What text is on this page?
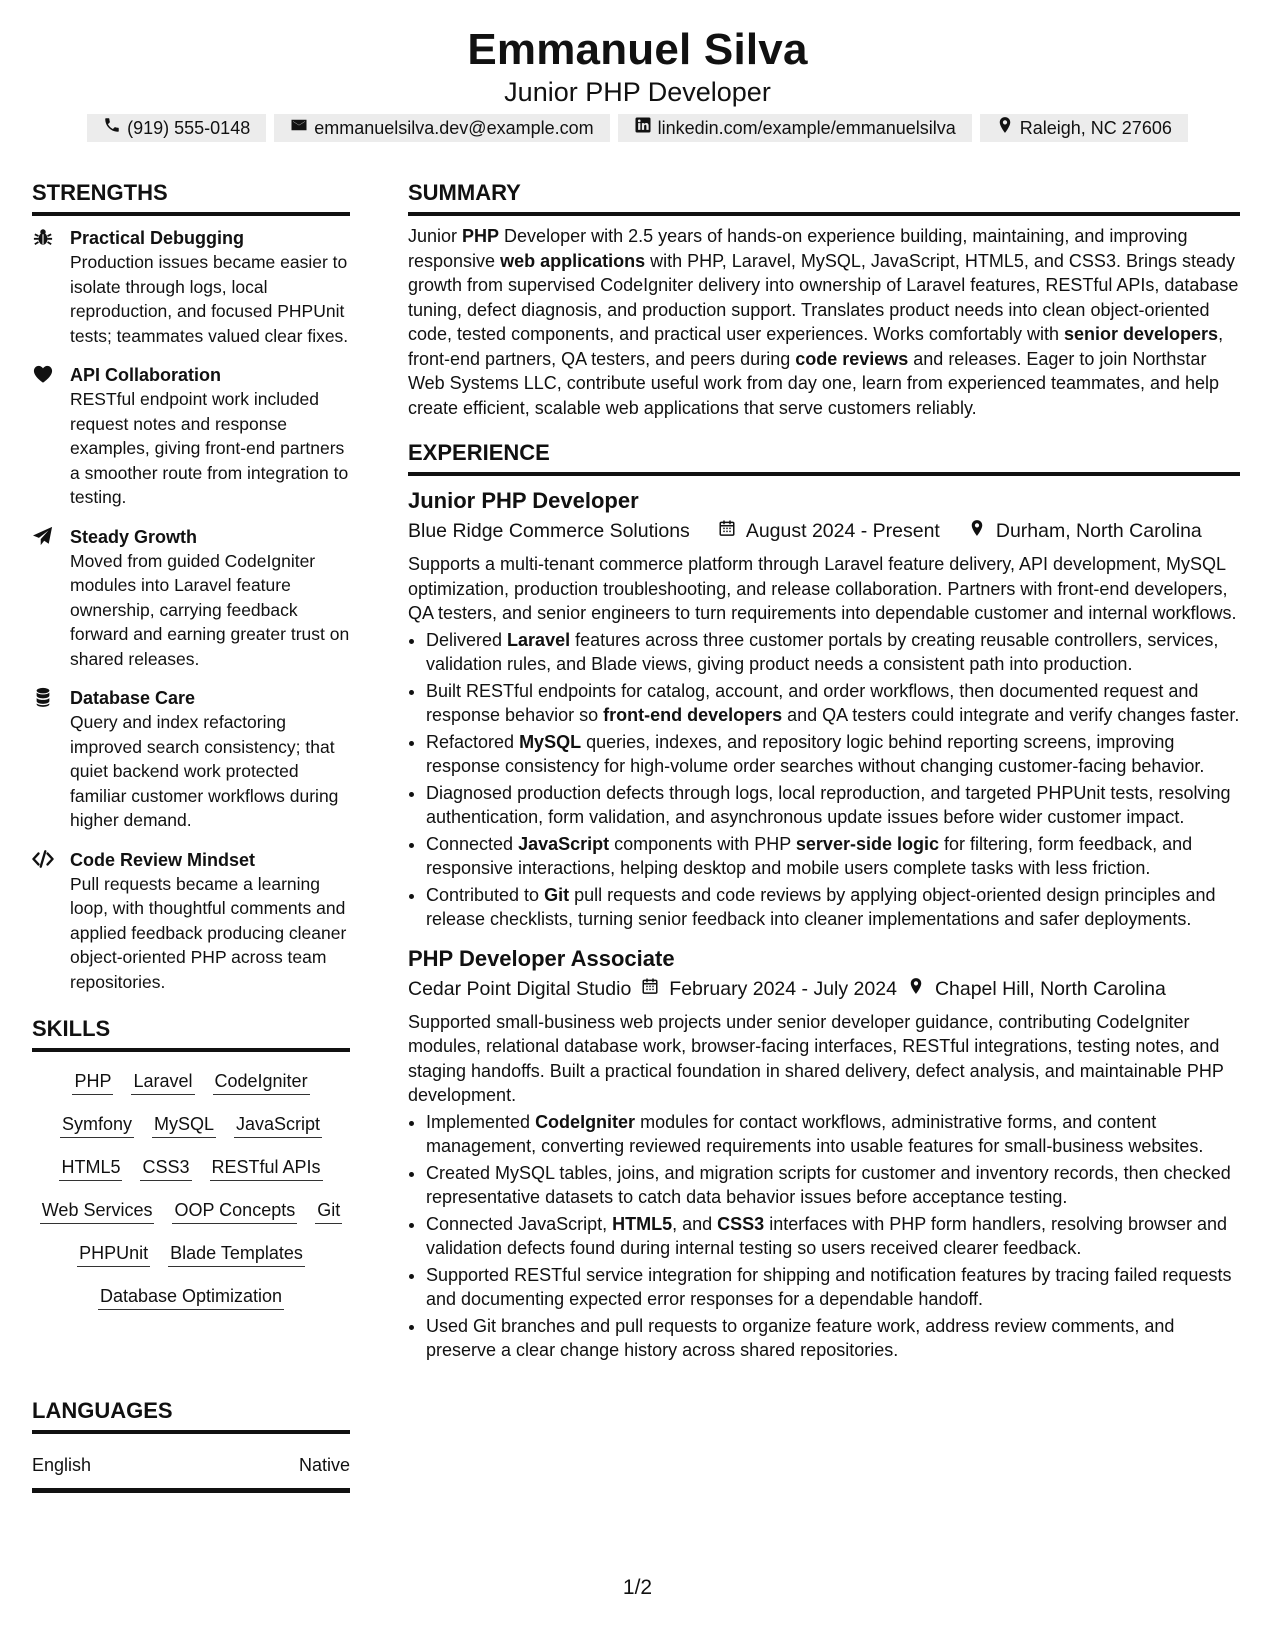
Emmanuel Silva
Junior PHP Developer
(919) 555-0148	emmanuelsilva.dev@example.com	linkedin.com/example/emmanuelsilva	Raleigh, NC 27606
STRENGTHS
Practical Debugging
Production issues became easier to isolate through logs, local reproduction, and focused PHPUnit tests; teammates valued clear fixes.
API Collaboration
RESTful endpoint work included request notes and response examples, giving front-end partners a smoother route from integration to testing.
Steady Growth
Moved from guided CodeIgniter modules into Laravel feature ownership, carrying feedback forward and earning greater trust on shared releases.
Database Care
Query and index refactoring improved search consistency; that quiet backend work protected familiar customer workflows during higher demand.
Code Review Mindset
Pull requests became a learning loop, with thoughtful comments and applied feedback producing cleaner object-oriented PHP across team repositories.
SKILLS
PHP Laravel CodeIgniter
Symfony MySQL JavaScript
HTML5 CSS3 RESTful APIs
Web Services OOP Concepts Git
PHPUnit Blade Templates
Database Optimization
LANGUAGES
English	Native
SUMMARY

Junior PHP Developer with 2.5 years of hands-on experience building, maintaining, and improving responsive web applications with PHP, Laravel, MySQL, JavaScript, HTML5, and CSS3. Brings steady growth from supervised CodeIgniter delivery into ownership of Laravel features, RESTful APIs, database tuning, defect diagnosis, and production support. Translates product needs into clean object-oriented code, tested components, and practical user experiences. Works comfortably with senior developers, front-end partners, QA testers, and peers during code reviews and releases. Eager to join Northstar Web Systems LLC, contribute useful work from day one, learn from experienced teammates, and help create efficient, scalable web applications that serve customers reliably.

EXPERIENCE
Junior PHP Developer
Blue Ridge Commerce Solutions	August 2024 - Present	Durham, North Carolina
Supports a multi-tenant commerce platform through Laravel feature delivery, API development, MySQL optimization, production troubleshooting, and release collaboration. Partners with front-end developers, QA testers, and senior engineers to turn requirements into dependable customer and internal workflows.
• Delivered Laravel features across three customer portals by creating reusable controllers, services, validation rules, and Blade views, giving product needs a consistent path into production.
• Built RESTful endpoints for catalog, account, and order workflows, then documented request and response behavior so front-end developers and QA testers could integrate and verify changes faster.
• Refactored MySQL queries, indexes, and repository logic behind reporting screens, improving response consistency for high-volume order searches without changing customer-facing behavior.
• Diagnosed production defects through logs, local reproduction, and targeted PHPUnit tests, resolving authentication, form validation, and asynchronous update issues before wider customer impact.
• Connected JavaScript components with PHP server-side logic for filtering, form feedback, and responsive interactions, helping desktop and mobile users complete tasks with less friction.
• Contributed to Git pull requests and code reviews by applying object-oriented design principles and release checklists, turning senior feedback into cleaner implementations and safer deployments.
PHP Developer Associate
Cedar Point Digital Studio February 2024 - July 2024 Chapel Hill, North Carolina
Supported small-business web projects under senior developer guidance, contributing CodeIgniter modules, relational database work, browser-facing interfaces, RESTful integrations, testing notes, and staging handoffs. Built a practical foundation in shared delivery, defect analysis, and maintainable PHP development.
• Implemented CodeIgniter modules for contact workflows, administrative forms, and content management, converting reviewed requirements into usable features for small-business websites.
• Created MySQL tables, joins, and migration scripts for customer and inventory records, then checked representative datasets to catch data behavior issues before acceptance testing.
• Connected JavaScript, HTML5, and CSS3 interfaces with PHP form handlers, resolving browser and validation defects found during internal testing so users received clearer feedback.
• Supported RESTful service integration for shipping and notification features by tracing failed requests and documenting expected error responses for a dependable handoff.
• Used Git branches and pull requests to organize feature work, address review comments, and preserve a clear change history across shared repositories.
1/2
